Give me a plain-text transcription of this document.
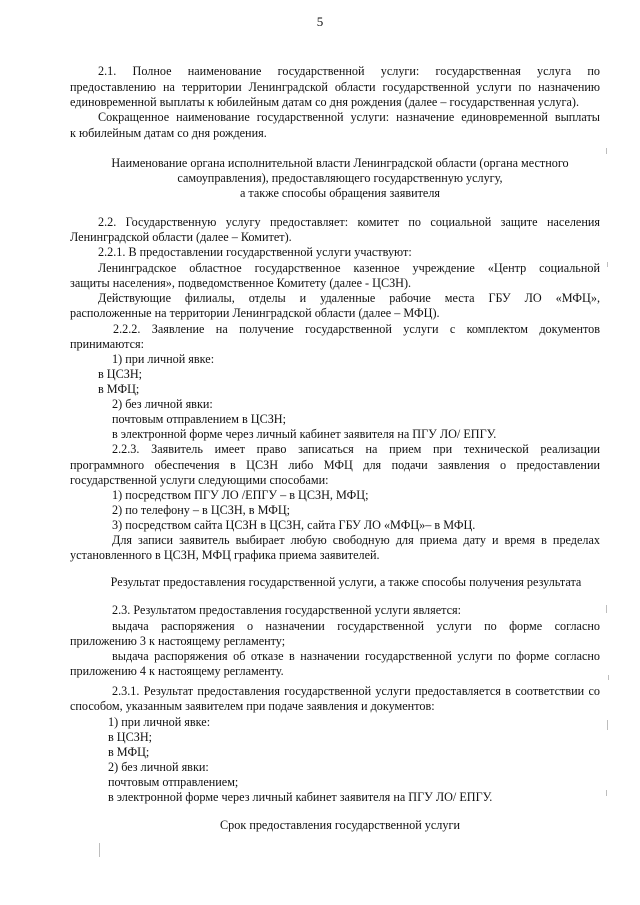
5
2.1. Полное наименование государственной услуги: государственная услуга по
предоставлению на территории Ленинградской области государственной услуги по назначению
единовременной выплаты к юбилейным датам со дня рождения (далее – государственная услуга).
Сокращенное наименование государственной услуги: назначение единовременной выплаты
к юбилейным датам со дня рождения.
Наименование органа исполнительной власти Ленинградской области (органа местного
самоуправления), предоставляющего государственную услугу,
а также способы обращения заявителя
2.2. Государственную услугу предоставляет: комитет по социальной защите населения
Ленинградской области (далее – Комитет).
2.2.1. В предоставлении государственной услуги участвуют:
Ленинградское областное государственное казенное учреждение «Центр социальной
защиты населения», подведомственное Комитету (далее - ЦСЗН).
Действующие филиалы, отделы и удаленные рабочие места ГБУ ЛО «МФЦ»,
расположенные на территории Ленинградской области (далее – МФЦ).
2.2.2. Заявление на получение государственной услуги с комплектом документов
принимаются:
1) при личной явке:
в ЦСЗН;
в МФЦ;
2) без личной явки:
почтовым отправлением в ЦСЗН;
в электронной форме через личный кабинет заявителя на ПГУ ЛО/ ЕПГУ.
2.2.3. Заявитель имеет право записаться на прием при технической реализации
программного обеспечения в ЦСЗН либо МФЦ для подачи заявления о предоставлении
государственной услуги следующими способами:
1) посредством ПГУ ЛО /ЕПГУ – в ЦСЗН, МФЦ;
2) по телефону – в ЦСЗН, в МФЦ;
3) посредством сайта ЦСЗН в ЦСЗН, сайта ГБУ ЛО «МФЦ»– в МФЦ.
Для записи заявитель выбирает любую свободную для приема дату и время в пределах
установленного в ЦСЗН, МФЦ графика приема заявителей.
Результат предоставления государственной услуги, а также способы получения результата
2.3. Результатом предоставления государственной услуги является:
выдача распоряжения о назначении государственной услуги по форме согласно
приложению 3 к настоящему регламенту;
выдача распоряжения об отказе в назначении государственной услуги по форме согласно
приложению 4 к настоящему регламенту.
2.3.1. Результат предоставления государственной услуги предоставляется в соответствии со
способом, указанным заявителем при подаче заявления и документов:
1) при личной явке:
в ЦСЗН;
в МФЦ;
2) без личной явки:
почтовым отправлением;
в электронной форме через личный кабинет заявителя на ПГУ ЛО/ ЕПГУ.
Срок предоставления государственной услуги
